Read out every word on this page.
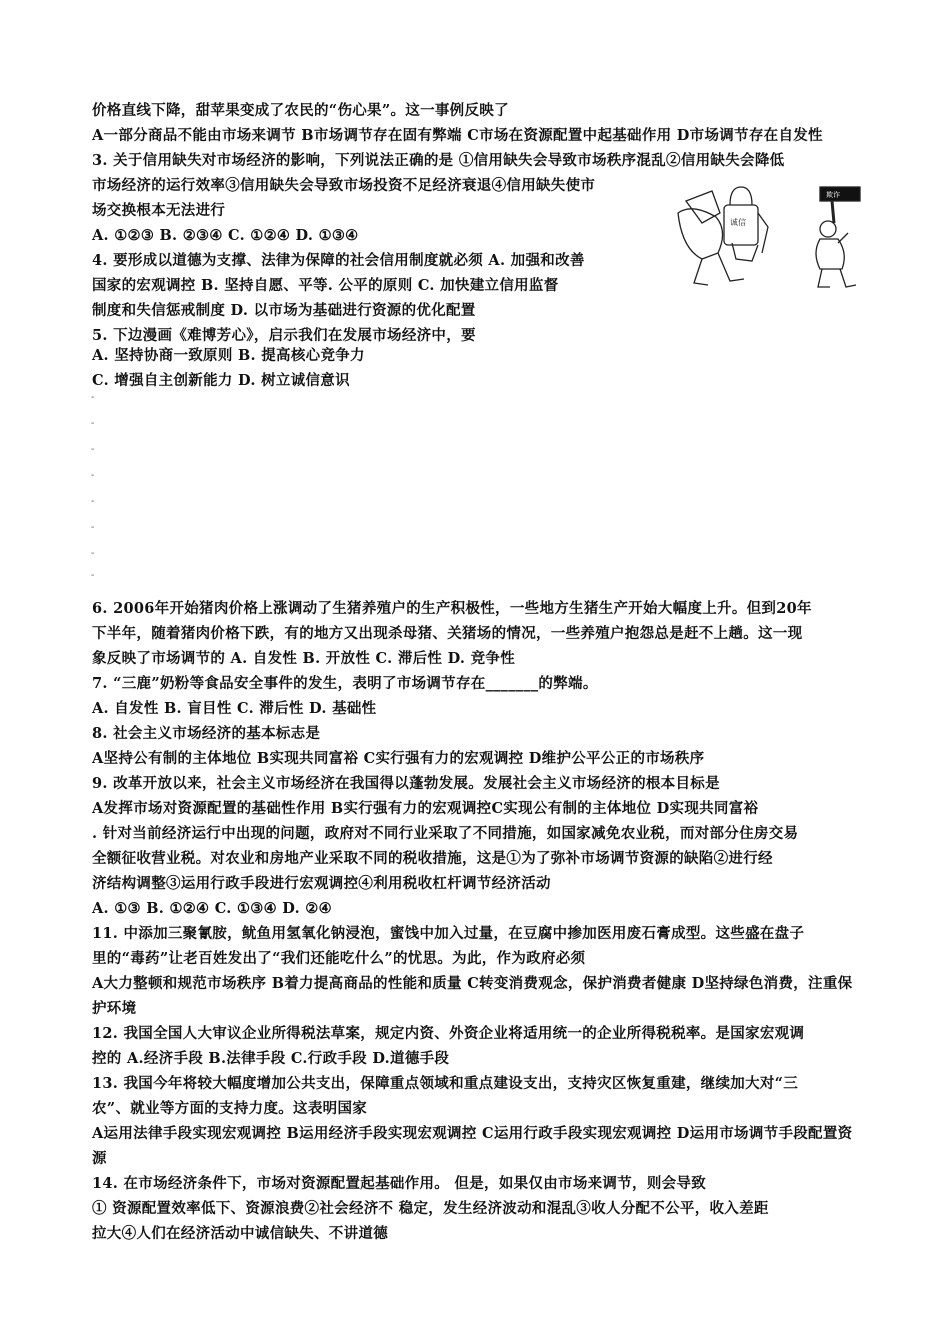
价格直线下降，甜苹果变成了农民的“伤心果”。这一事例反映了
A一部分商品不能由市场来调节 B市场调节存在固有弊端 C市场在资源配置中起基础作用 D市场调节存在自发性
3. 关于信用缺失对市场经济的影响，下列说法正确的是 ①信用缺失会导致市场秩序混乱②信用缺失会降低
市场经济的运行效率③信用缺失会导致市场投资不足经济衰退④信用缺失使市
场交换根本无法进行
A. ①②③ B. ②③④ C. ①②④ D. ①③④
4. 要形成以道德为支撑、法律为保障的社会信用制度就必须 A. 加强和改善
国家的宏观调控 B. 坚持自愿、平等. 公平的原则 C. 加快建立信用监督
制度和失信惩戒制度 D. 以市场为基础进行资源的优化配置
5. 下边漫画《难博芳心》，启示我们在发展市场经济中，要
A. 坚持协商一致原则 B. 提高核心竞争力
C. 增强自主创新能力 D. 树立诚信意识
-
-
-
-
-
-
-
-
6. 2006年开始猪肉价格上涨调动了生猪养殖户的生产积极性，一些地方生猪生产开始大幅度上升。但到20年
下半年，随着猪肉价格下跌，有的地方又出现杀母猪、关猪场的情况，一些养殖户抱怨总是赶不上趟。这一现
象反映了市场调节的 A. 自发性 B. 开放性 C. 滞后性 D. 竞争性
7. “三鹿”奶粉等食品安全事件的发生，表明了市场调节存在_______的弊端。
A. 自发性 B. 盲目性 C. 滞后性 D. 基础性
8. 社会主义市场经济的基本标志是
A坚持公有制的主体地位 B实现共同富裕 C实行强有力的宏观调控 D维护公平公正的市场秩序
9. 改革开放以来，社会主义市场经济在我国得以蓬勃发展。发展社会主义市场经济的根本目标是
A发挥市场对资源配置的基础性作用 B实行强有力的宏观调控C实现公有制的主体地位 D实现共同富裕
. 针对当前经济运行中出现的问题，政府对不同行业采取了不同措施，如国家减免农业税，而对部分住房交易
全额征收营业税。对农业和房地产业采取不同的税收措施，这是①为了弥补市场调节资源的缺陷②进行经
济结构调整③运用行政手段进行宏观调控④利用税收杠杆调节经济活动
A. ①③ B. ①②④ C. ①③④ D. ②④
11. 中添加三聚氰胺，鱿鱼用氢氧化钠浸泡，蜜饯中加入过量，在豆腐中掺加医用废石膏成型。这些盛在盘子
里的“毒药”让老百姓发出了“我们还能吃什么”的忧思。为此，作为政府必须
A大力整顿和规范市场秩序 B着力提高商品的性能和质量 C转变消费观念，保护消费者健康 D坚持绿色消费，注重保
护环境
12. 我国全国人大审议企业所得税法草案，规定内资、外资企业将适用统一的企业所得税税率。是国家宏观调
控的 A.经济手段 B.法律手段 C.行政手段 D.道德手段
13. 我国今年将较大幅度增加公共支出，保障重点领域和重点建设支出，支持灾区恢复重建，继续加大对“三
农”、就业等方面的支持力度。这表明国家
A运用法律手段实现宏观调控 B运用经济手段实现宏观调控 C运用行政手段实现宏观调控 D运用市场调节手段配置资
源
14. 在市场经济条件下，市场对资源配置起基础作用。 但是，如果仅由市场来调节，则会导致
① 资源配置效率低下、资源浪费②社会经济不 稳定，发生经济波动和混乱③收人分配不公平，收入差距
拉大④人们在经济活动中诚信缺失、不讲道德
诚信
欺诈
